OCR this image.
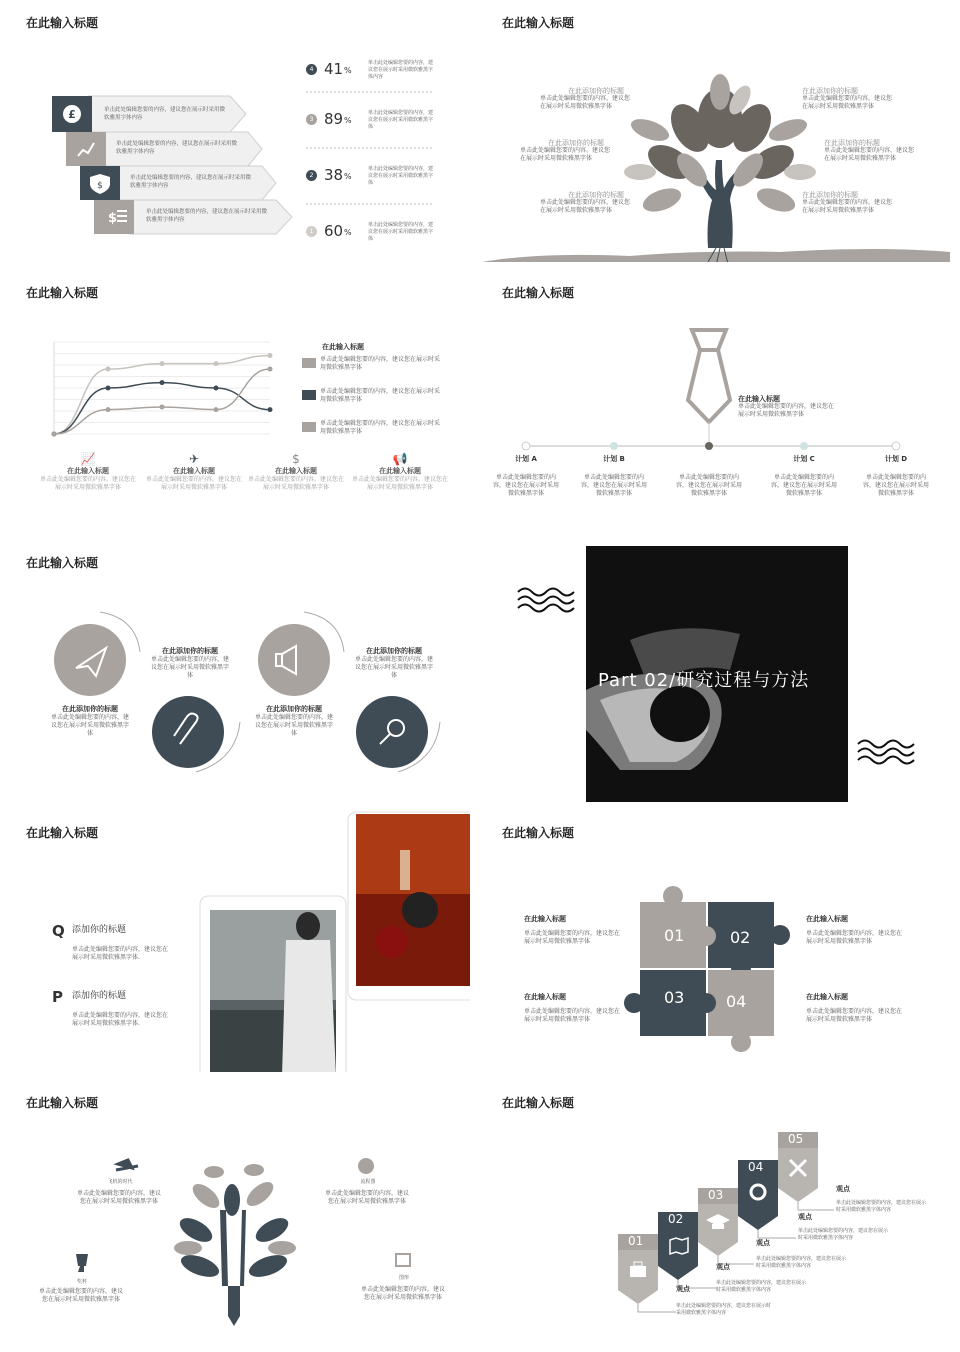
在此输入标题
£
$
$
单击此处编辑您要的内容，建议您在展示时采用微软雅黑字体内容
单击此处编辑您要的内容，建议您在展示时采用微软雅黑字体内容
单击此处编辑您要的内容，建议您在展示时采用微软雅黑字体内容
单击此处编辑您要的内容，建议您在展示时采用微软雅黑字体内容
4 41 %
单击此处编辑您要的内容，建议您在展示时采用微软雅黑字体内容
3 89 %
单击此处编辑您要的内容，建议您在展示时采用微软雅黑字体
2 38 %
单击此处编辑您要的内容，建议您在展示时采用微软雅黑字体
1 60 %
单击此处编辑您要的内容，建议您在展示时采用微软雅黑字体
在此输入标题
在此添加你的标题
单击此处编辑您要的内容，建议您在展示时采用微软雅黑字体
在此添加你的标题
单击此处编辑您要的内容，建议您在展示时采用微软雅黑字体
在此添加你的标题
单击此处编辑您要的内容，建议您在展示时采用微软雅黑字体
在此添加你的标题
单击此处编辑您要的内容，建议您在展示时采用微软雅黑字体
在此添加你的标题
单击此处编辑您要的内容，建议您在展示时采用微软雅黑字体
在此添加你的标题
单击此处编辑您要的内容，建议您在展示时采用微软雅黑字体
在此输入标题
在此输入标题
单击此处编辑您要的内容，建议您在展示时采用微软雅黑字体
单击此处编辑您要的内容，建议您在展示时采用微软雅黑字体
单击此处编辑您要的内容，建议您在展示时采用微软雅黑字体
📈
在此输入标题
单击此处编辑您要的内容，建议您在展示时采用微软雅黑字体
✈
在此输入标题
单击此处编辑您要的内容，建议您在展示时采用微软雅黑字体
$
在此输入标题
单击此处编辑您要的内容，建议您在展示时采用微软雅黑字体
📢
在此输入标题
单击此处编辑您要的内容，建议您在展示时采用微软雅黑字体
在此输入标题
在此输入标题
单击此处编辑您要的内容，建议您在展示时采用微软雅黑字体
计划 A
单击此处编辑您要的内容，建议您在展示时采用微软雅黑字体
计划 B
单击此处编辑您要的内容，建议您在展示时采用微软雅黑字体
单击此处编辑您要的内容，建议您在展示时采用微软雅黑字体
计划 C
单击此处编辑您要的内容，建议您在展示时采用微软雅黑字体
计划 D
单击此处编辑您要的内容，建议您在展示时采用微软雅黑字体
在此输入标题
在此添加你的标题
单击此处编辑您要的内容，建议您在展示时采用微软雅黑字体
在此添加你的标题
单击此处编辑您要的内容，建议您在展示时采用微软雅黑字体
在此添加你的标题
单击此处编辑您要的内容，建议您在展示时采用微软雅黑字体
在此添加你的标题
单击此处编辑您要的内容，建议您在展示时采用微软雅黑字体	Part 02/研究过程与方法
在此输入标题
Q 添加你的标题
单击此处编辑您要的内容，建议您在展示时采用微软雅黑字体.
P 添加你的标题
单击此处编辑您要的内容，建议您在展示时采用微软雅黑字体.
在此输入标题
01	02
03	04
在此输入标题
单击此处编辑您要的内容，建议您在展示时采用微软雅黑字体
在此输入标题
单击此处编辑您要的内容，建议您在展示时采用微软雅黑字体
在此输入标题
单击此处编辑您要的内容，建议您在展示时采用微软雅黑字体
在此输入标题
单击此处编辑您要的内容，建议您在展示时采用微软雅黑字体
在此输入标题
飞机的时代
单击此处编辑您要的内容，建议您在展示时采用微软雅黑字体
流程图
单击此处编辑您要的内容，建议您在展示时采用微软雅黑字体
奖杯
单击此处编辑您要的内容，建议您在展示时采用微软雅黑字体
图形
单击此处编辑您要的内容，建议您在展示时采用微软雅黑字体
在此输入标题
01
02
03
04
05
观点
单击此处编辑您要的内容，建议您在展示时采用微软雅黑字体内容
观点
单击此处编辑您要的内容，建议您在展示时采用微软雅黑字体内容
观点
单击此处编辑您要的内容，建议您在展示时采用微软雅黑字体内容
观点
单击此处编辑您要的内容，建议您在展示时采用微软雅黑字体内容
观点
单击此处编辑您要的内容，建议您在展示时采用微软雅黑字体内容
